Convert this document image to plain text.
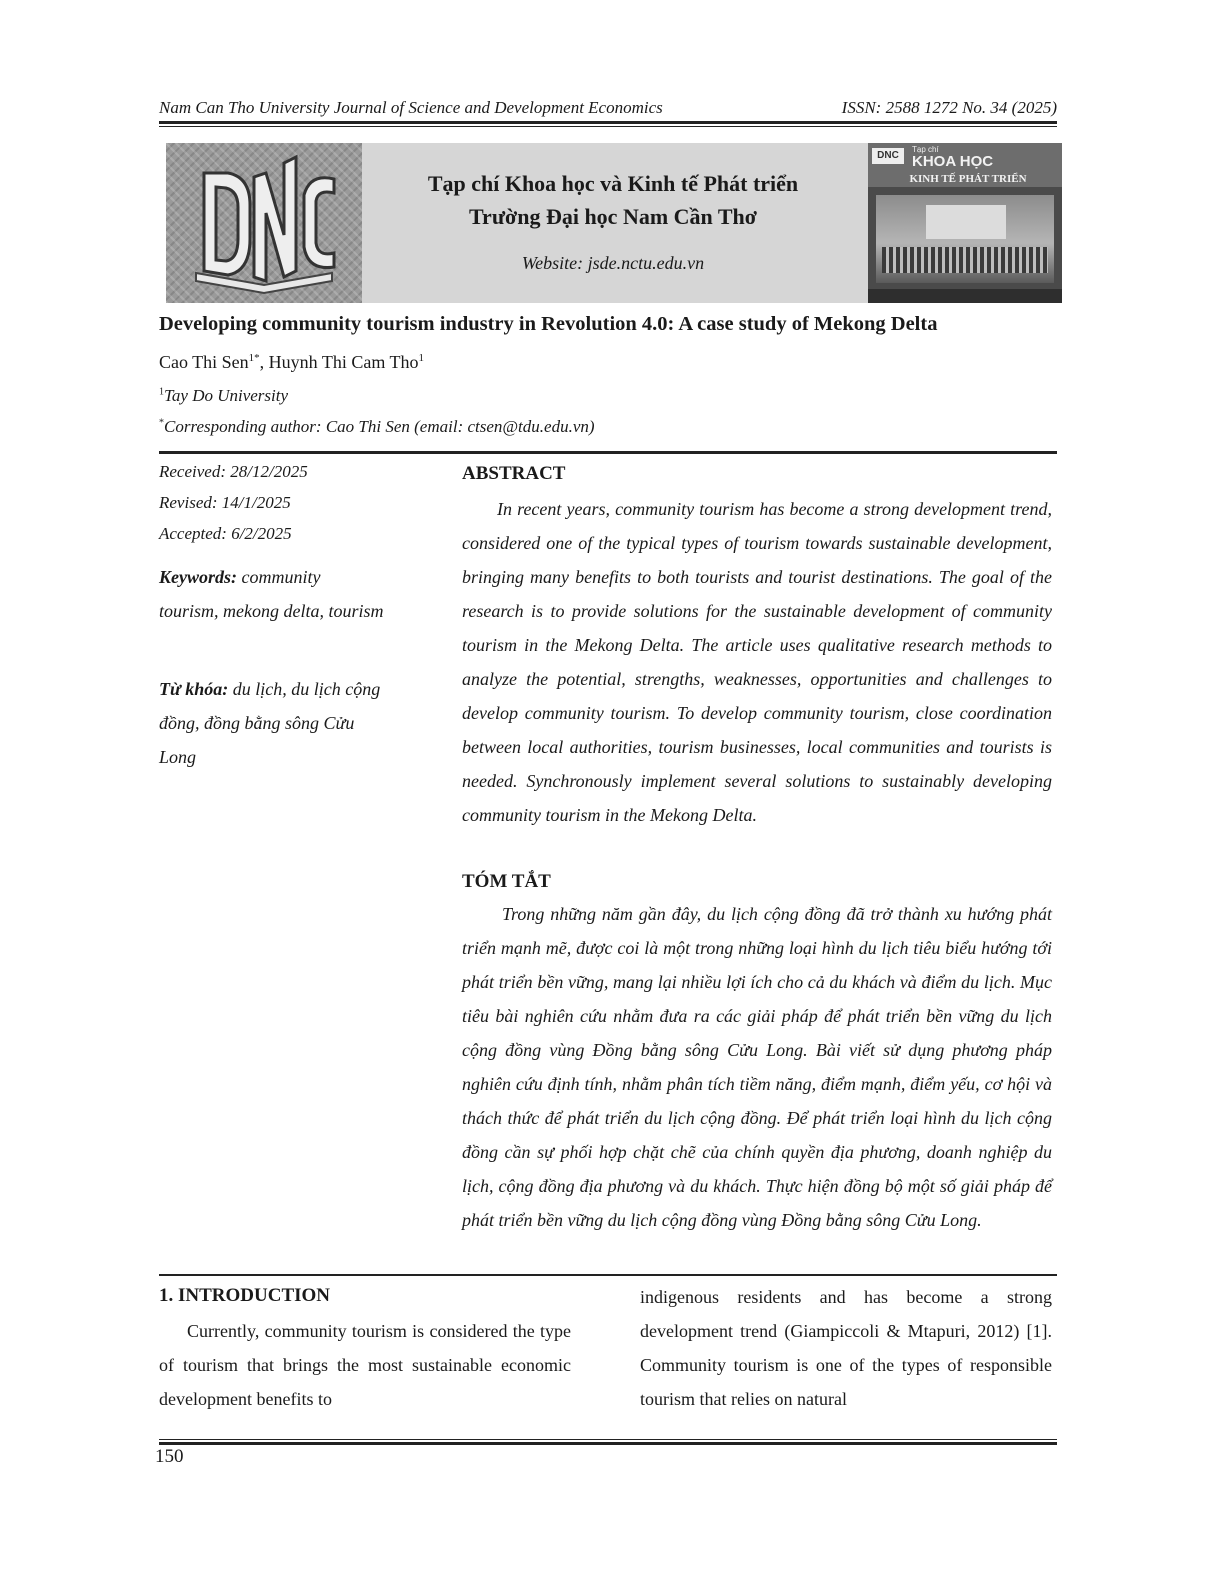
Nam Can Tho University Journal of Science and Development Economics	ISSN: 2588 1272 No. 34 (2025)
Tạp chí Khoa học và Kinh tế Phát triển
Trường Đại học Nam Cần Thơ
Website: jsde.nctu.edu.vn
DNC
Tạp chí
KHOA HỌC
KINH TẾ PHÁT TRIỂN
Developing community tourism industry in Revolution 4.0: A case study of Mekong Delta
Cao Thi Sen$^{1*}$, Huynh Thi Cam Tho$^1$
$^1$Tay Do University
*Corresponding author: Cao Thi Sen (email: ctsen@tdu.edu.vn)
Received: 28/12/2025
Revised: 14/1/2025
Accepted: 6/2/2025
Keywords: community tourism, mekong delta, tourism
Từ khóa: du lịch, du lịch cộng đồng, đồng bằng sông Cửu Long
ABSTRACT
In recent years, community tourism has become a strong development trend, considered one of the typical types of tourism towards sustainable development, bringing many benefits to both tourists and tourist destinations. The goal of the research is to provide solutions for the sustainable development of community tourism in the Mekong Delta. The article uses qualitative research methods to analyze the potential, strengths, weaknesses, opportunities and challenges to develop community tourism. To develop community tourism, close coordination between local authorities, tourism businesses, local communities and tourists is needed. Synchronously implement several solutions to sustainably developing community tourism in the Mekong Delta.
TÓM TẮT
Trong những năm gần đây, du lịch cộng đồng đã trở thành xu hướng phát triển mạnh mẽ, được coi là một trong những loại hình du lịch tiêu biểu hướng tới phát triển bền vững, mang lại nhiều lợi ích cho cả du khách và điểm du lịch. Mục tiêu bài nghiên cứu nhằm đưa ra các giải pháp để phát triển bền vững du lịch cộng đồng vùng Đồng bằng sông Cửu Long. Bài viết sử dụng phương pháp nghiên cứu định tính, nhằm phân tích tiềm năng, điểm mạnh, điểm yếu, cơ hội và thách thức để phát triển du lịch cộng đồng. Để phát triển loại hình du lịch cộng đồng cần sự phối hợp chặt chẽ của chính quyền địa phương, doanh nghiệp du lịch, cộng đồng địa phương và du khách. Thực hiện đồng bộ một số giải pháp để phát triển bền vững du lịch cộng đồng vùng Đồng bằng sông Cửu Long.
1. INTRODUCTION
Currently, community tourism is considered the type of tourism that brings the most sustainable economic development benefits to
indigenous residents and has become a strong development trend (Giampiccoli & Mtapuri, 2012) [1]. Community tourism is one of the types of responsible tourism that relies on natural
150
